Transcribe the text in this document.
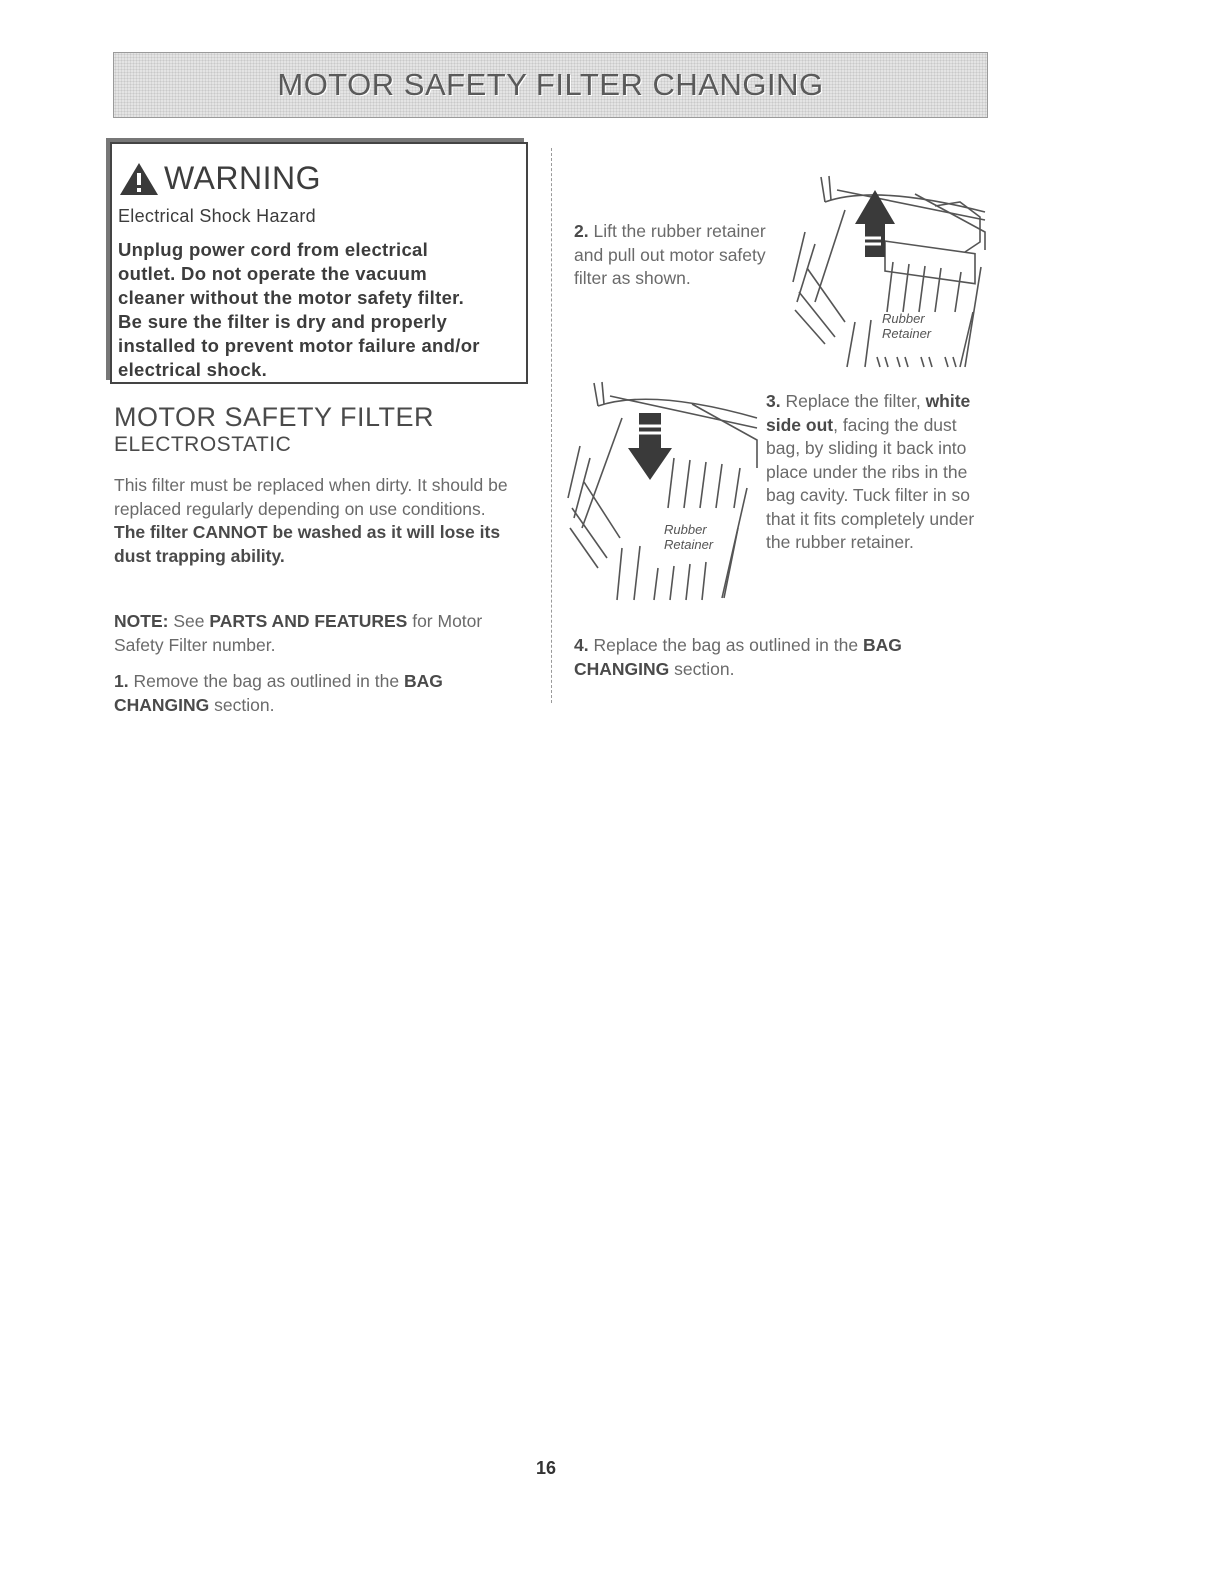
MOTOR SAFETY FILTER CHANGING
WARNING
Electrical Shock Hazard
Unplug power cord from electrical
outlet. Do not operate the vacuum
cleaner without the motor safety filter.
Be sure the filter is dry and properly
installed to prevent motor failure and/or
electrical shock.
MOTOR SAFETY FILTER
ELECTROSTATIC
This filter must be replaced when dirty. It should be replaced regularly depending on use conditions. The filter CANNOT be washed as it will lose its dust trapping ability.
NOTE: See PARTS AND FEATURES for Motor Safety Filter number.
1. Remove the bag as outlined in the BAG CHANGING section.
2. Lift the rubber retainer and pull out motor safety filter as shown.
Rubber
Retainer
Rubber
Retainer
3. Replace the filter, white side out, facing the dust bag, by sliding it back into place under the ribs in the bag cavity. Tuck filter in so that it fits completely under the rubber retainer.
4. Replace the bag as outlined in the BAG CHANGING section.
16
